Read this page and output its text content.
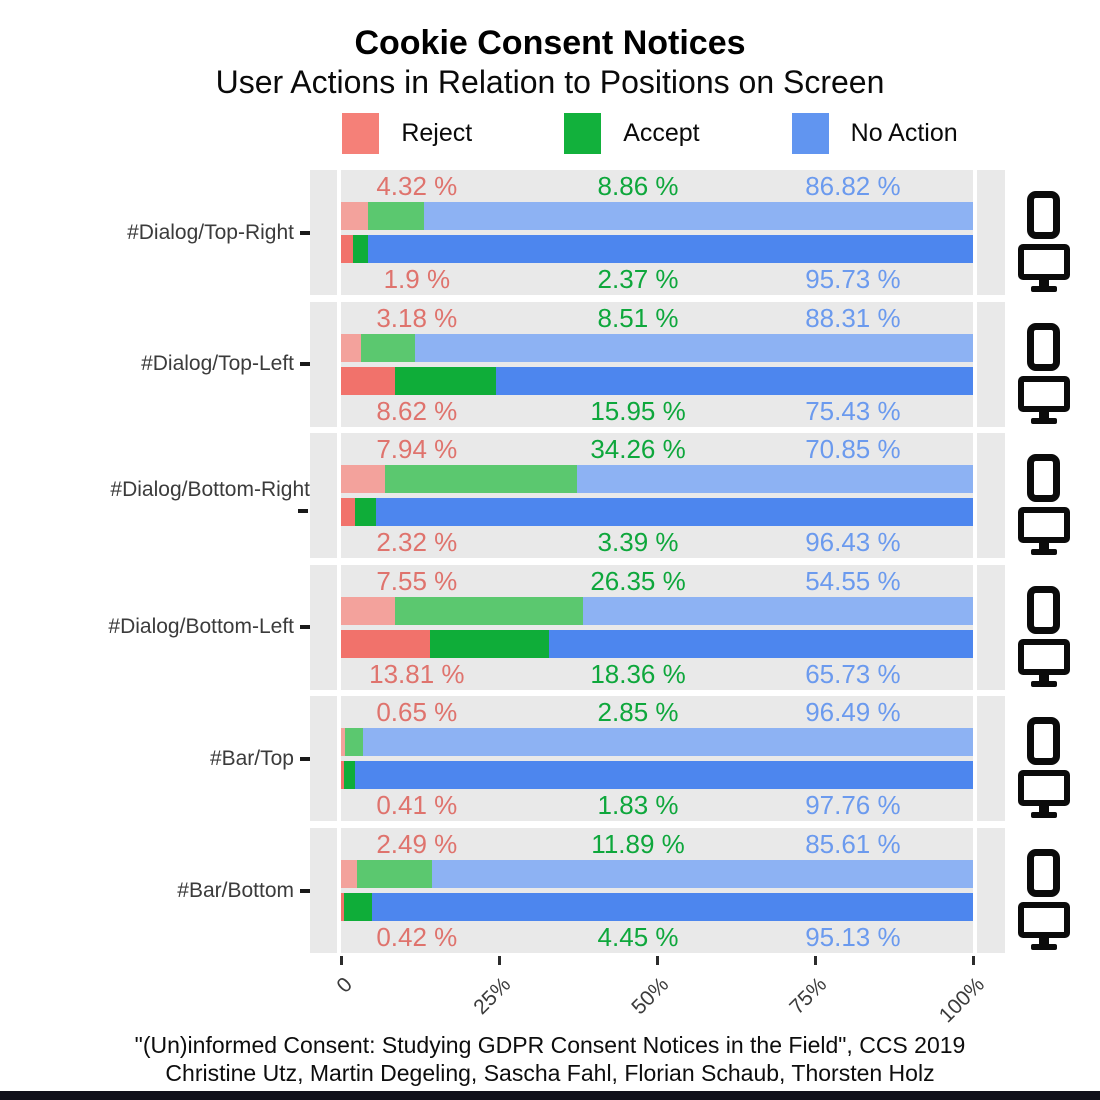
Cookie Consent Notices
User Actions in Relation to Positions on Screen
Reject	Accept	No Action
#Dialog/Top-Right
4.32 %	8.86 %	86.82 %
1.9 %	2.37 %	95.73 %
#Dialog/Top-Left
3.18 %	8.51 %	88.31 %
8.62 %	15.95 %	75.43 %
#Dialog/Bottom-Right
7.94 %	34.26 %	70.85 %
2.32 %	3.39 %	96.43 %
#Dialog/Bottom-Left
7.55 %	26.35 %	54.55 %
13.81 %	18.36 %	65.73 %
#Bar/Top
0.65 %	2.85 %	96.49 %
0.41 %	1.83 %	97.76 %
#Bar/Bottom
2.49 %	11.89 %	85.61 %
0.42 %	4.45 %	95.13 %
0	25%	50%	75%	100%
"(Un)informed Consent: Studying GDPR Consent Notices in the Field", CCS 2019
Christine Utz, Martin Degeling, Sascha Fahl, Florian Schaub, Thorsten Holz
